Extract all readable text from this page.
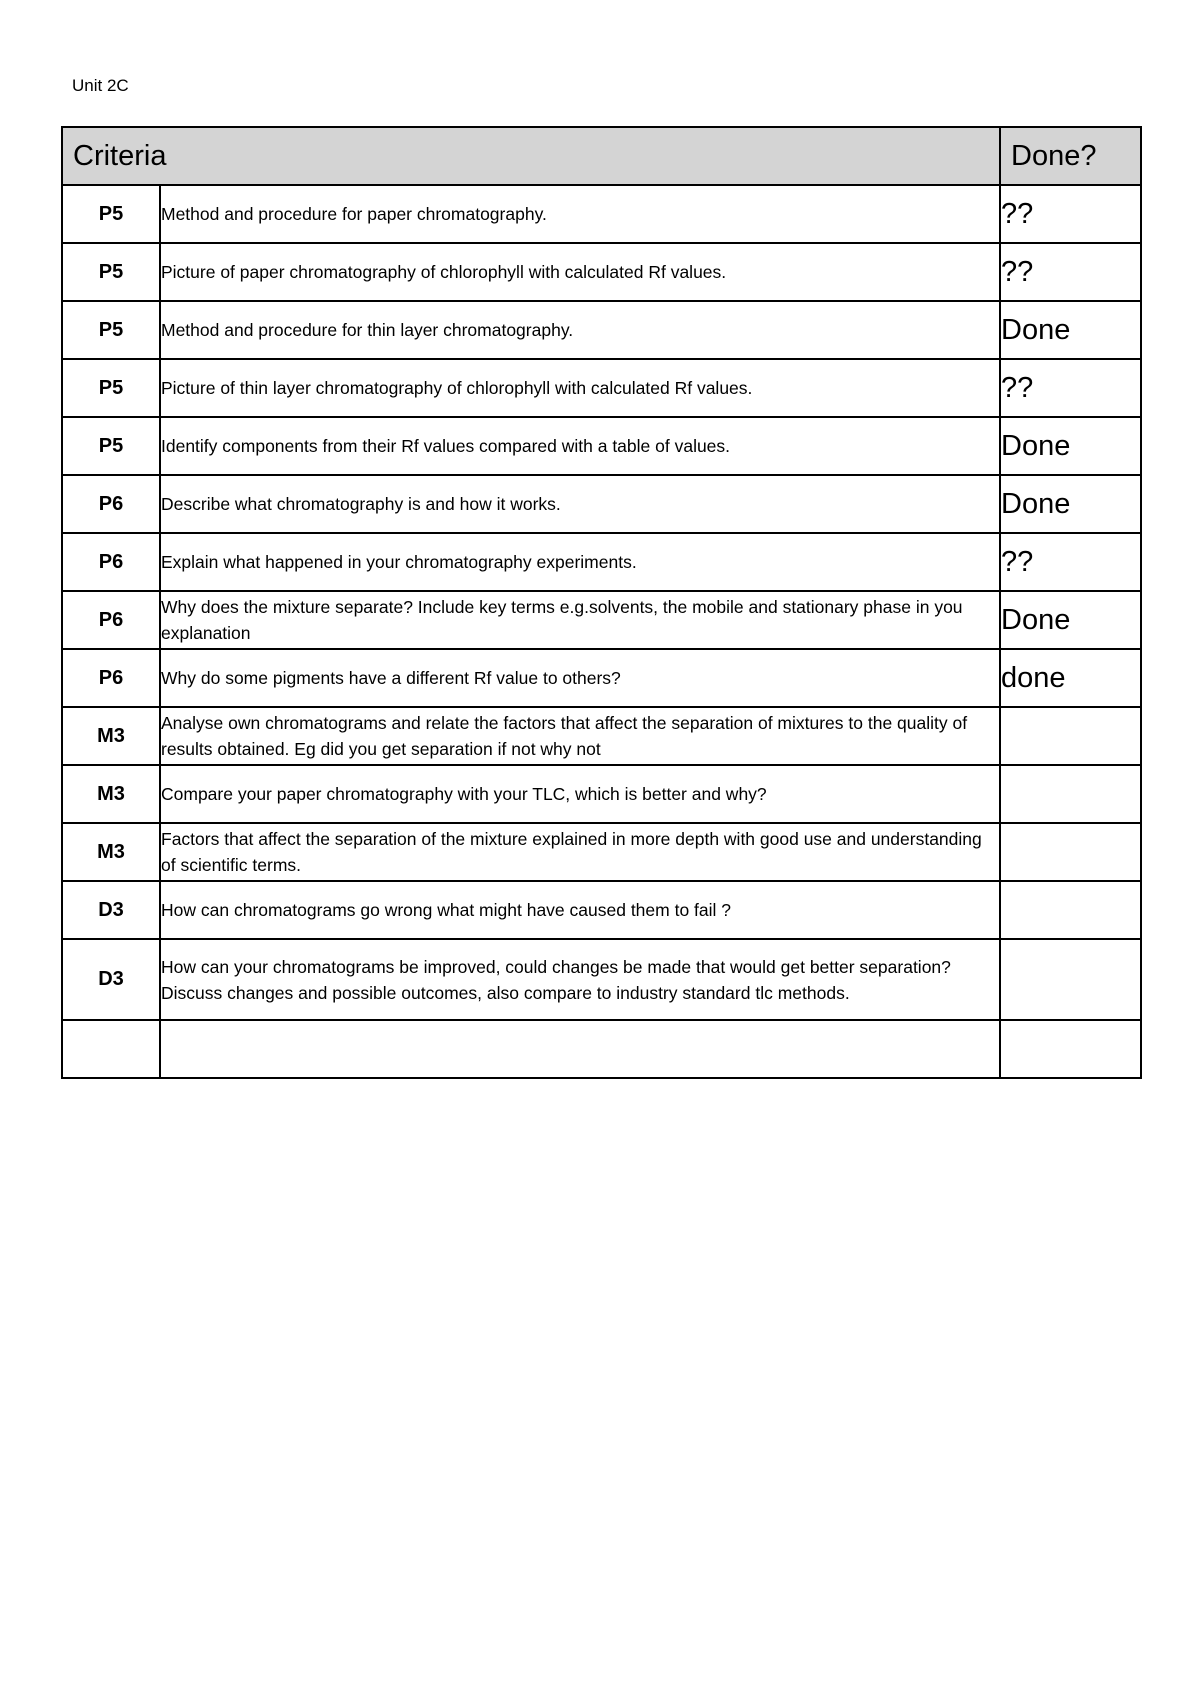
Unit 2C
Criteria		Done?
P5	Method and procedure for paper chromatography.	??
P5	Picture of paper chromatography of chlorophyll with calculated Rf values.	??
P5	Method and procedure for thin layer chromatography.	Done
P5	Picture of thin layer chromatography of chlorophyll with calculated Rf values.	??
P5	Identify components from their Rf values compared with a table of values.	Done
P6	Describe what chromatography is and how it works.	Done
P6	Explain what happened in your chromatography experiments.	??
P6	Why does the mixture separate? Include key terms e.g.solvents, the mobile and stationary phase in you explanation	Done
P6	Why do some pigments have a different Rf value to others?	done
M3	Analyse own chromatograms and relate the factors that affect the separation of mixtures to the quality of results obtained. Eg did you get separation if not why not	
M3	Compare your paper chromatography with your TLC, which is better and why?	
M3	Factors that affect the separation of the mixture explained in more depth with good use and understanding of scientific terms.	
D3	How can chromatograms go wrong what might have caused them to fail ?	
D3	How can your chromatograms be improved, could changes be made that would get better separation? Discuss changes and possible outcomes, also compare to industry standard tlc methods.	
